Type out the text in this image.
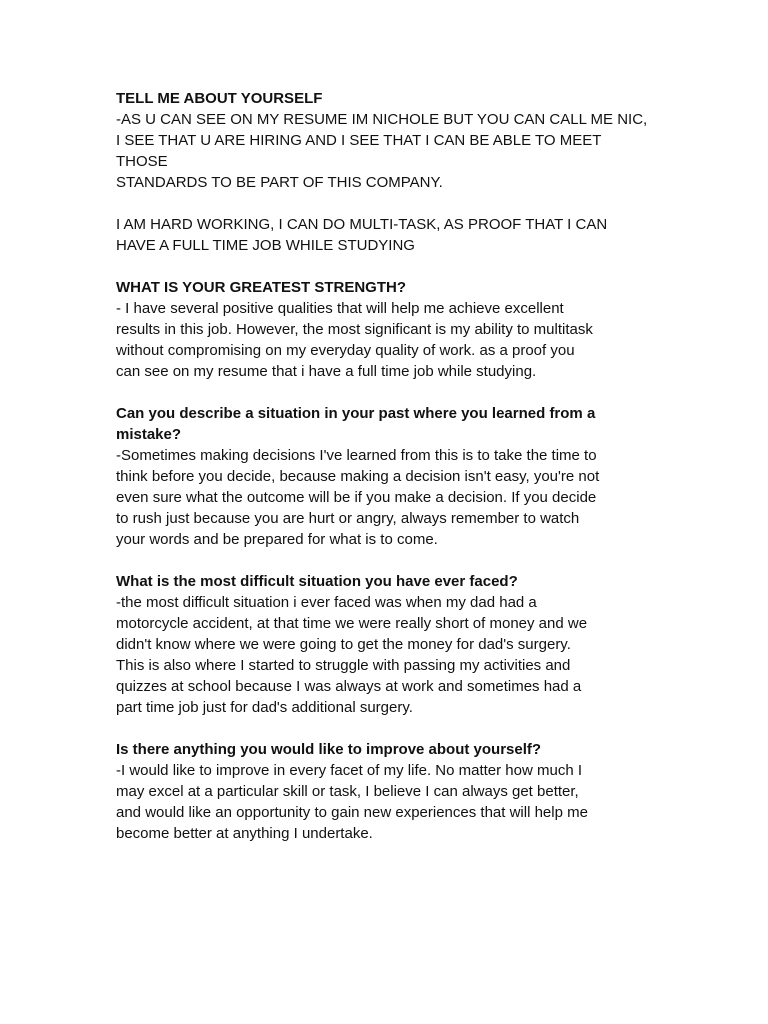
TELL ME ABOUT YOURSELF

-AS U CAN SEE ON MY RESUME IM NICHOLE BUT YOU CAN CALL ME NIC,
I SEE THAT U ARE HIRING AND I SEE THAT I CAN BE ABLE TO MEET THOSE
STANDARDS TO BE PART OF THIS COMPANY.

I AM HARD WORKING, I CAN DO MULTI-TASK, AS PROOF THAT I CAN
HAVE A FULL TIME JOB WHILE STUDYING

WHAT IS YOUR GREATEST STRENGTH?

- I have several positive qualities that will help me achieve excellent
results in this job. However, the most significant is my ability to multitask
without compromising on my everyday quality of work. as a proof you
can see on my resume that i have a full time job while studying.

Can you describe a situation in your past where you learned from a
mistake?

-Sometimes making decisions I've learned from this is to take the time to
think before you decide, because making a decision isn't easy, you're not
even sure what the outcome will be if you make a decision. If you decide
to rush just because you are hurt or angry, always remember to watch
your words and be prepared for what is to come.

What is the most difficult situation you have ever faced?

-the most difficult situation i ever faced was when my dad had a
motorcycle accident, at that time we were really short of money and we
didn't know where we were going to get the money for dad's surgery.
This is also where I started to struggle with passing my activities and
quizzes at school because I was always at work and sometimes had a
part time job just for dad's additional surgery.

Is there anything you would like to improve about yourself?

-I would like to improve in every facet of my life. No matter how much I
may excel at a particular skill or task, I believe I can always get better,
and would like an opportunity to gain new experiences that will help me
become better at anything I undertake.
